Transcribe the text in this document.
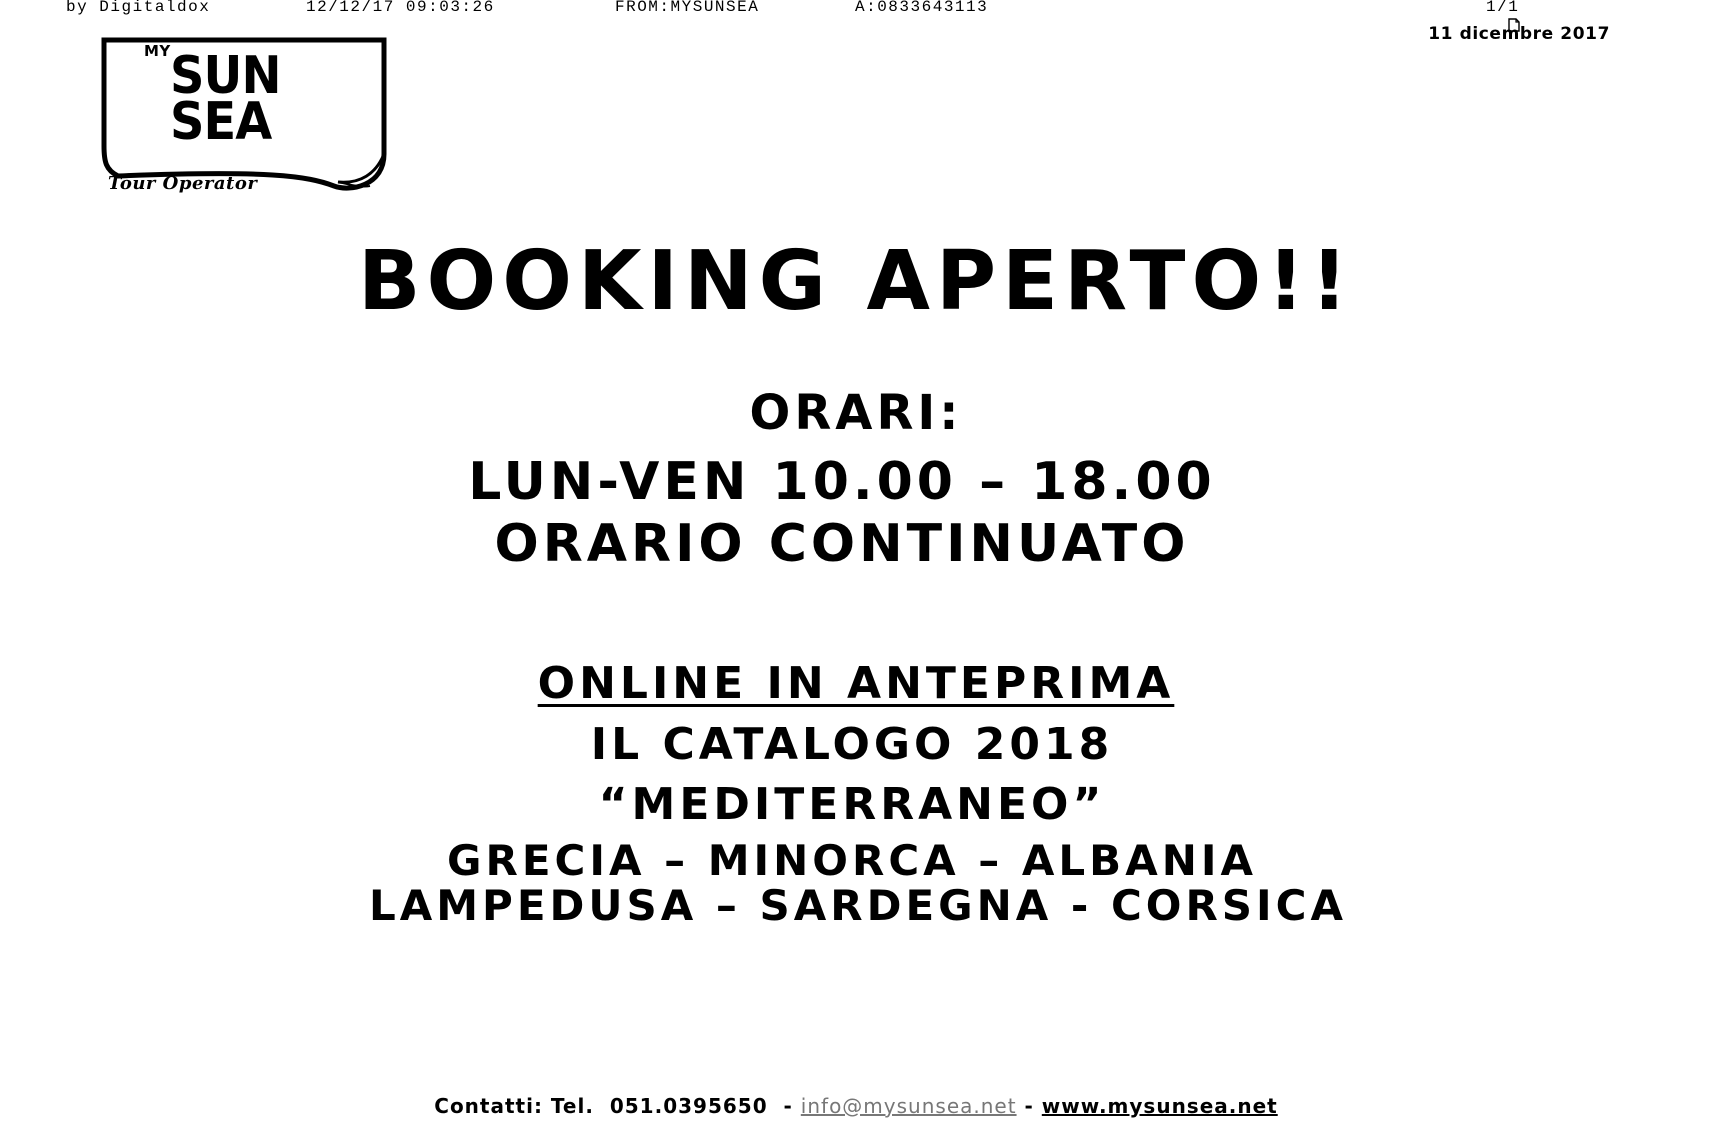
by Digitaldox

	12/12/17 09:03:26

	FROM:MYSUNSEA

	A:0833643113

	1/1
11 dicembre 2017
MY SUN
SEA
Tour Operator
BOOKING APERTO!!
ORARI:
LUN-VEN 10.00 – 18.00
ORARIO CONTINUATO
ONLINE IN ANTEPRIMA
IL CATALOGO 2018
“MEDITERRANEO”
GRECIA – MINORCA – ALBANIA
LAMPEDUSA – SARDEGNA - CORSICA
Contatti: Tel.  051.0395650  - info@mysunsea.net - www.mysunsea.net
